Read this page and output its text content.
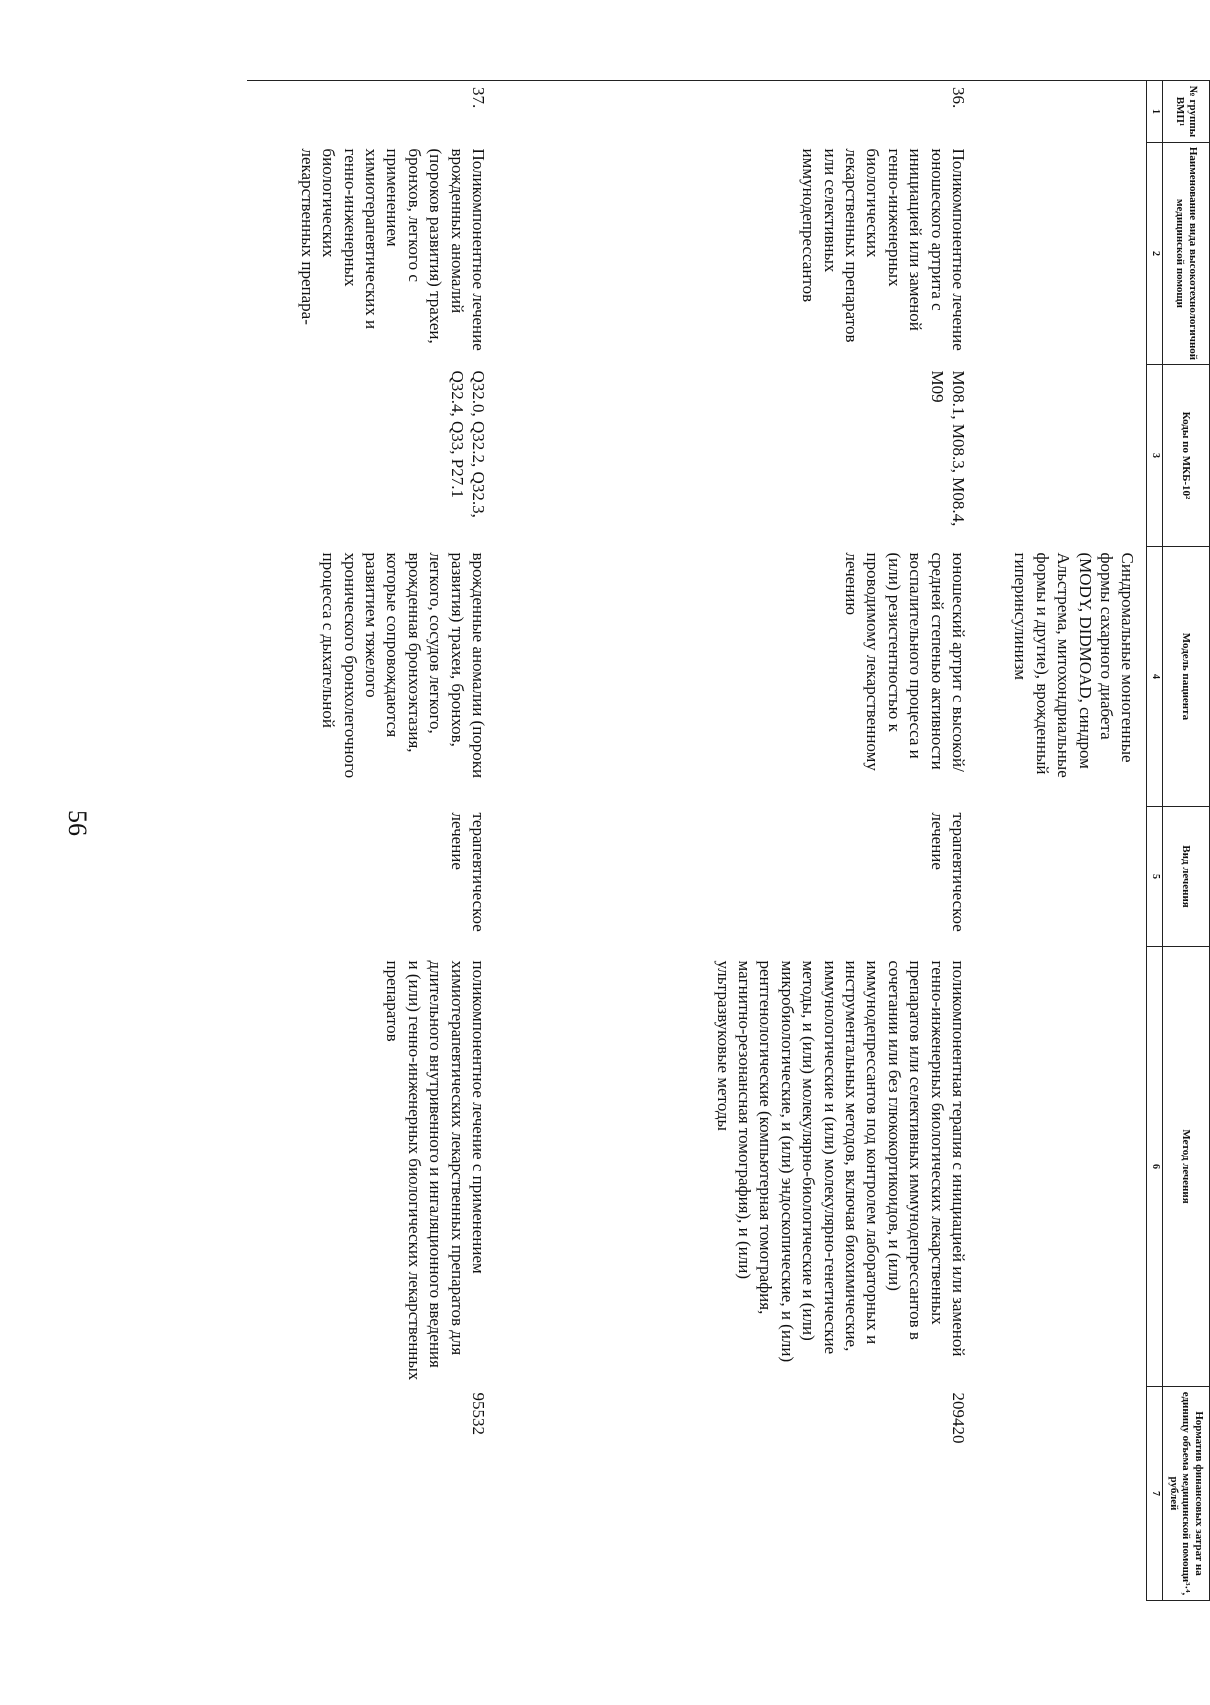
56
№ группы ВМП¹	Наименование вида высокотехнологичной медицинской помощи	Коды по МКБ-10²	Модель пациента	Вид лечения	Метод лечения	Норматив финансовых затрат на единицу объема медицинской помощи³·⁴, рублей
1	2	3	4	5	6	7
			Синдромальные моногенные формы сахарного диабета (MODY, DIDMOAD, синдром Альстрема, митохондриальные формы и другие), врожденный гиперинсулинизм			
36.	Поликомпонентное лечение юношеского артрита с инициацией или заменой генно-инженерных биологических лекарственных препаратов или селективных иммунодепрессантов	M08.1, M08.3, M08.4, M09	юношеский артрит с высокой/средней степенью активности воспалительного процесса и (или) резистентностью к проводимому лекарственному лечению	терапевтическое лечение	поликомпонентная терапия с инициацией или заменой генно-инженерных биологических лекарственных препаратов или селективных иммунодепрессантов в сочетании или без глюкокортикоидов, и (или) иммунодепрессантов под контролем лабораторных и инструментальных методов, включая биохимические, иммунологические и (или) молекулярно-генетические методы, и (или) молекулярно-биологические и (или) микробиологические, и (или) эндоскопические, и (или) рентгенологические (компьютерная томография, магнитно-резонансная томография), и (или) ультразвуковые методы	209420
37.	Поликомпонентное лечение врожденных аномалий (пороков развития) трахеи, бронхов, легкого с применением химиотерапевтических и генно-инженерных биологических лекарственных препара-	Q32.0, Q32.2, Q32.3, Q32.4, Q33, P27.1	врожденные аномалии (пороки развития) трахеи, бронхов, легкого, сосудов легкого, врожденная бронхоэктазия, которые сопровождаются развитием тяжелого хронического бронхолегочного процесса с дыхательной	терапевтическое лечение	поликомпонентное лечение с применением химиотерапевтических лекарственных препаратов для длительного внутривенного и ингаляционного введения и (или) генно-инженерных биологических лекарственных препаратов	95532
